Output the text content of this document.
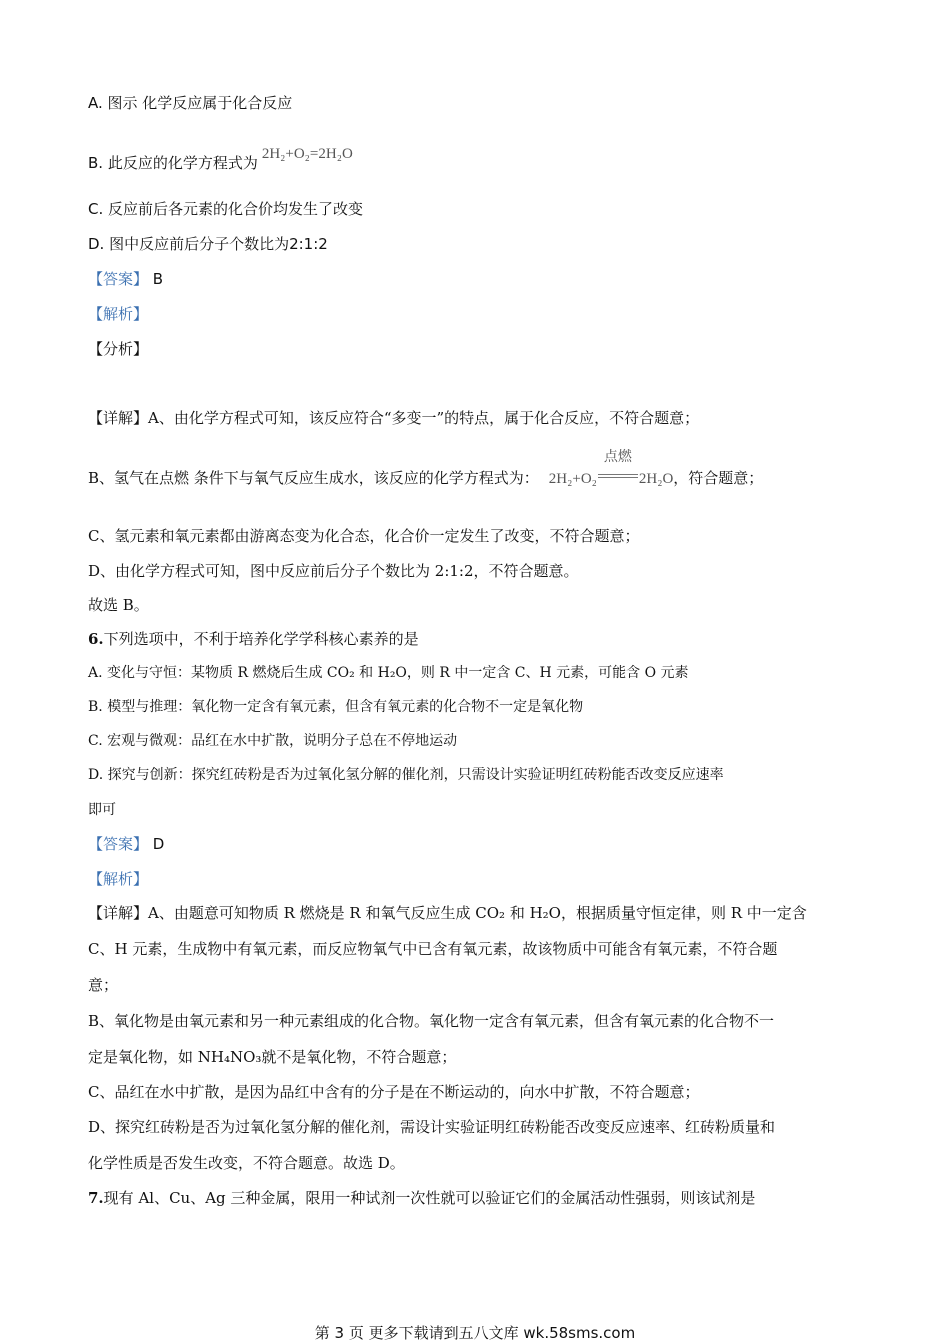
A. 图示 化学反应属于化合反应
B. 此反应的化学方程式为 2H₂+O₂=2H₂O
C. 反应前后各元素的化合价均发生了改变
D. 图中反应前后分子个数比为2:1:2
【答案】 B
【解析】
【分析】
【详解】A、由化学方程式可知，该反应符合“多变一”的特点，属于化合反应，不符合题意；
B、氢气在点燃 条件下与氧气反应生成水，该反应的化学方程式为： 2H₂+O₂
点燃
2H₂O，符合题意；
C、氢元素和氧元素都由游离态变为化合态，化合价一定发生了改变，不符合题意；
D、由化学方程式可知，图中反应前后分子个数比为 2:1:2，不符合题意。
故选 B。
6.下列选项中，不利于培养化学学科核心素养的是
A. 变化与守恒：某物质 R 燃烧后生成 CO₂ 和 H₂O，则 R 中一定含 C、H 元素，可能含 O 元素
B. 模型与推理：氧化物一定含有氧元素，但含有氧元素的化合物不一定是氧化物
C. 宏观与微观：品红在水中扩散，说明分子总在不停地运动
D. 探究与创新：探究红砖粉是否为过氧化氢分解的催化剂，只需设计实验证明红砖粉能否改变反应速率
即可
【答案】 D
【解析】
【详解】A、由题意可知物质 R 燃烧是 R 和氧气反应生成 CO₂ 和 H₂O，根据质量守恒定律，则 R 中一定含
C、H 元素，生成物中有氧元素，而反应物氧气中已含有氧元素，故该物质中可能含有氧元素，不符合题
意；
B、氧化物是由氧元素和另一种元素组成的化合物。氧化物一定含有氧元素，但含有氧元素的化合物不一
定是氧化物，如 NH₄NO₃就不是氧化物，不符合题意；
C、品红在水中扩散，是因为品红中含有的分子是在不断运动的，向水中扩散，不符合题意；
D、探究红砖粉是否为过氧化氢分解的催化剂，需设计实验证明红砖粉能否改变反应速率、红砖粉质量和
化学性质是否发生改变，不符合题意。故选 D。
7.现有 Al、Cu、Ag 三种金属，限用一种试剂一次性就可以验证它们的金属活动性强弱，则该试剂是
第 3 页 更多下载请到五八文库 wk.58sms.com
